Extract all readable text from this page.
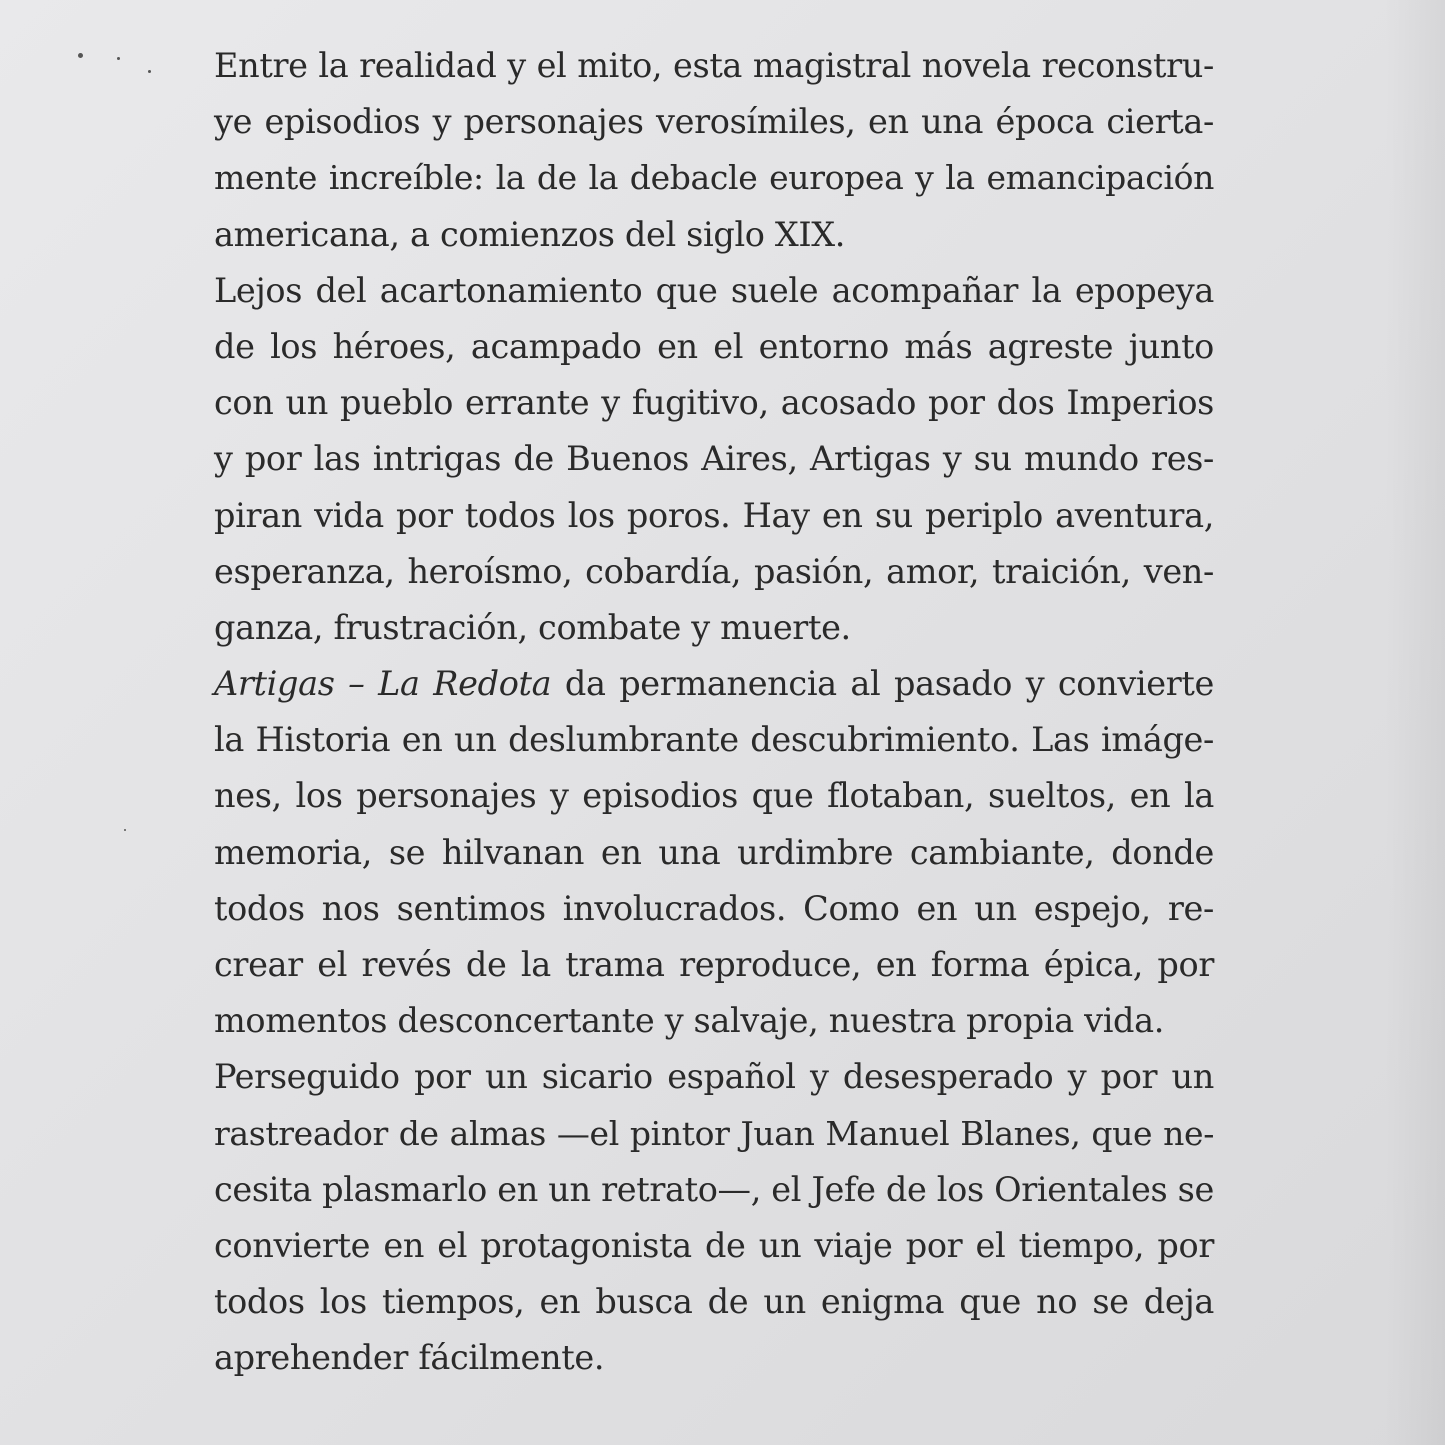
Entre la realidad y el mito, esta magistral novela reconstru-
ye episodios y personajes verosímiles, en una época cierta-
mente increíble: la de la debacle europea y la emancipación
americana, a comienzos del siglo XIX.
Lejos del acartonamiento que suele acompañar la epopeya
de los héroes, acampado en el entorno más agreste junto
con un pueblo errante y fugitivo, acosado por dos Imperios
y por las intrigas de Buenos Aires, Artigas y su mundo res-
piran vida por todos los poros. Hay en su periplo aventura,
esperanza, heroísmo, cobardía, pasión, amor, traición, ven-
ganza, frustración, combate y muerte.
Artigas – La Redota da permanencia al pasado y convierte
la Historia en un deslumbrante descubrimiento. Las imáge-
nes, los personajes y episodios que flotaban, sueltos, en la
memoria, se hilvanan en una urdimbre cambiante, donde
todos nos sentimos involucrados. Como en un espejo, re-
crear el revés de la trama reproduce, en forma épica, por
momentos desconcertante y salvaje, nuestra propia vida.
Perseguido por un sicario español y desesperado y por un
rastreador de almas —el pintor Juan Manuel Blanes, que ne-
cesita plasmarlo en un retrato—, el Jefe de los Orientales se
convierte en el protagonista de un viaje por el tiempo, por
todos los tiempos, en busca de un enigma que no se deja
aprehender fácilmente.
